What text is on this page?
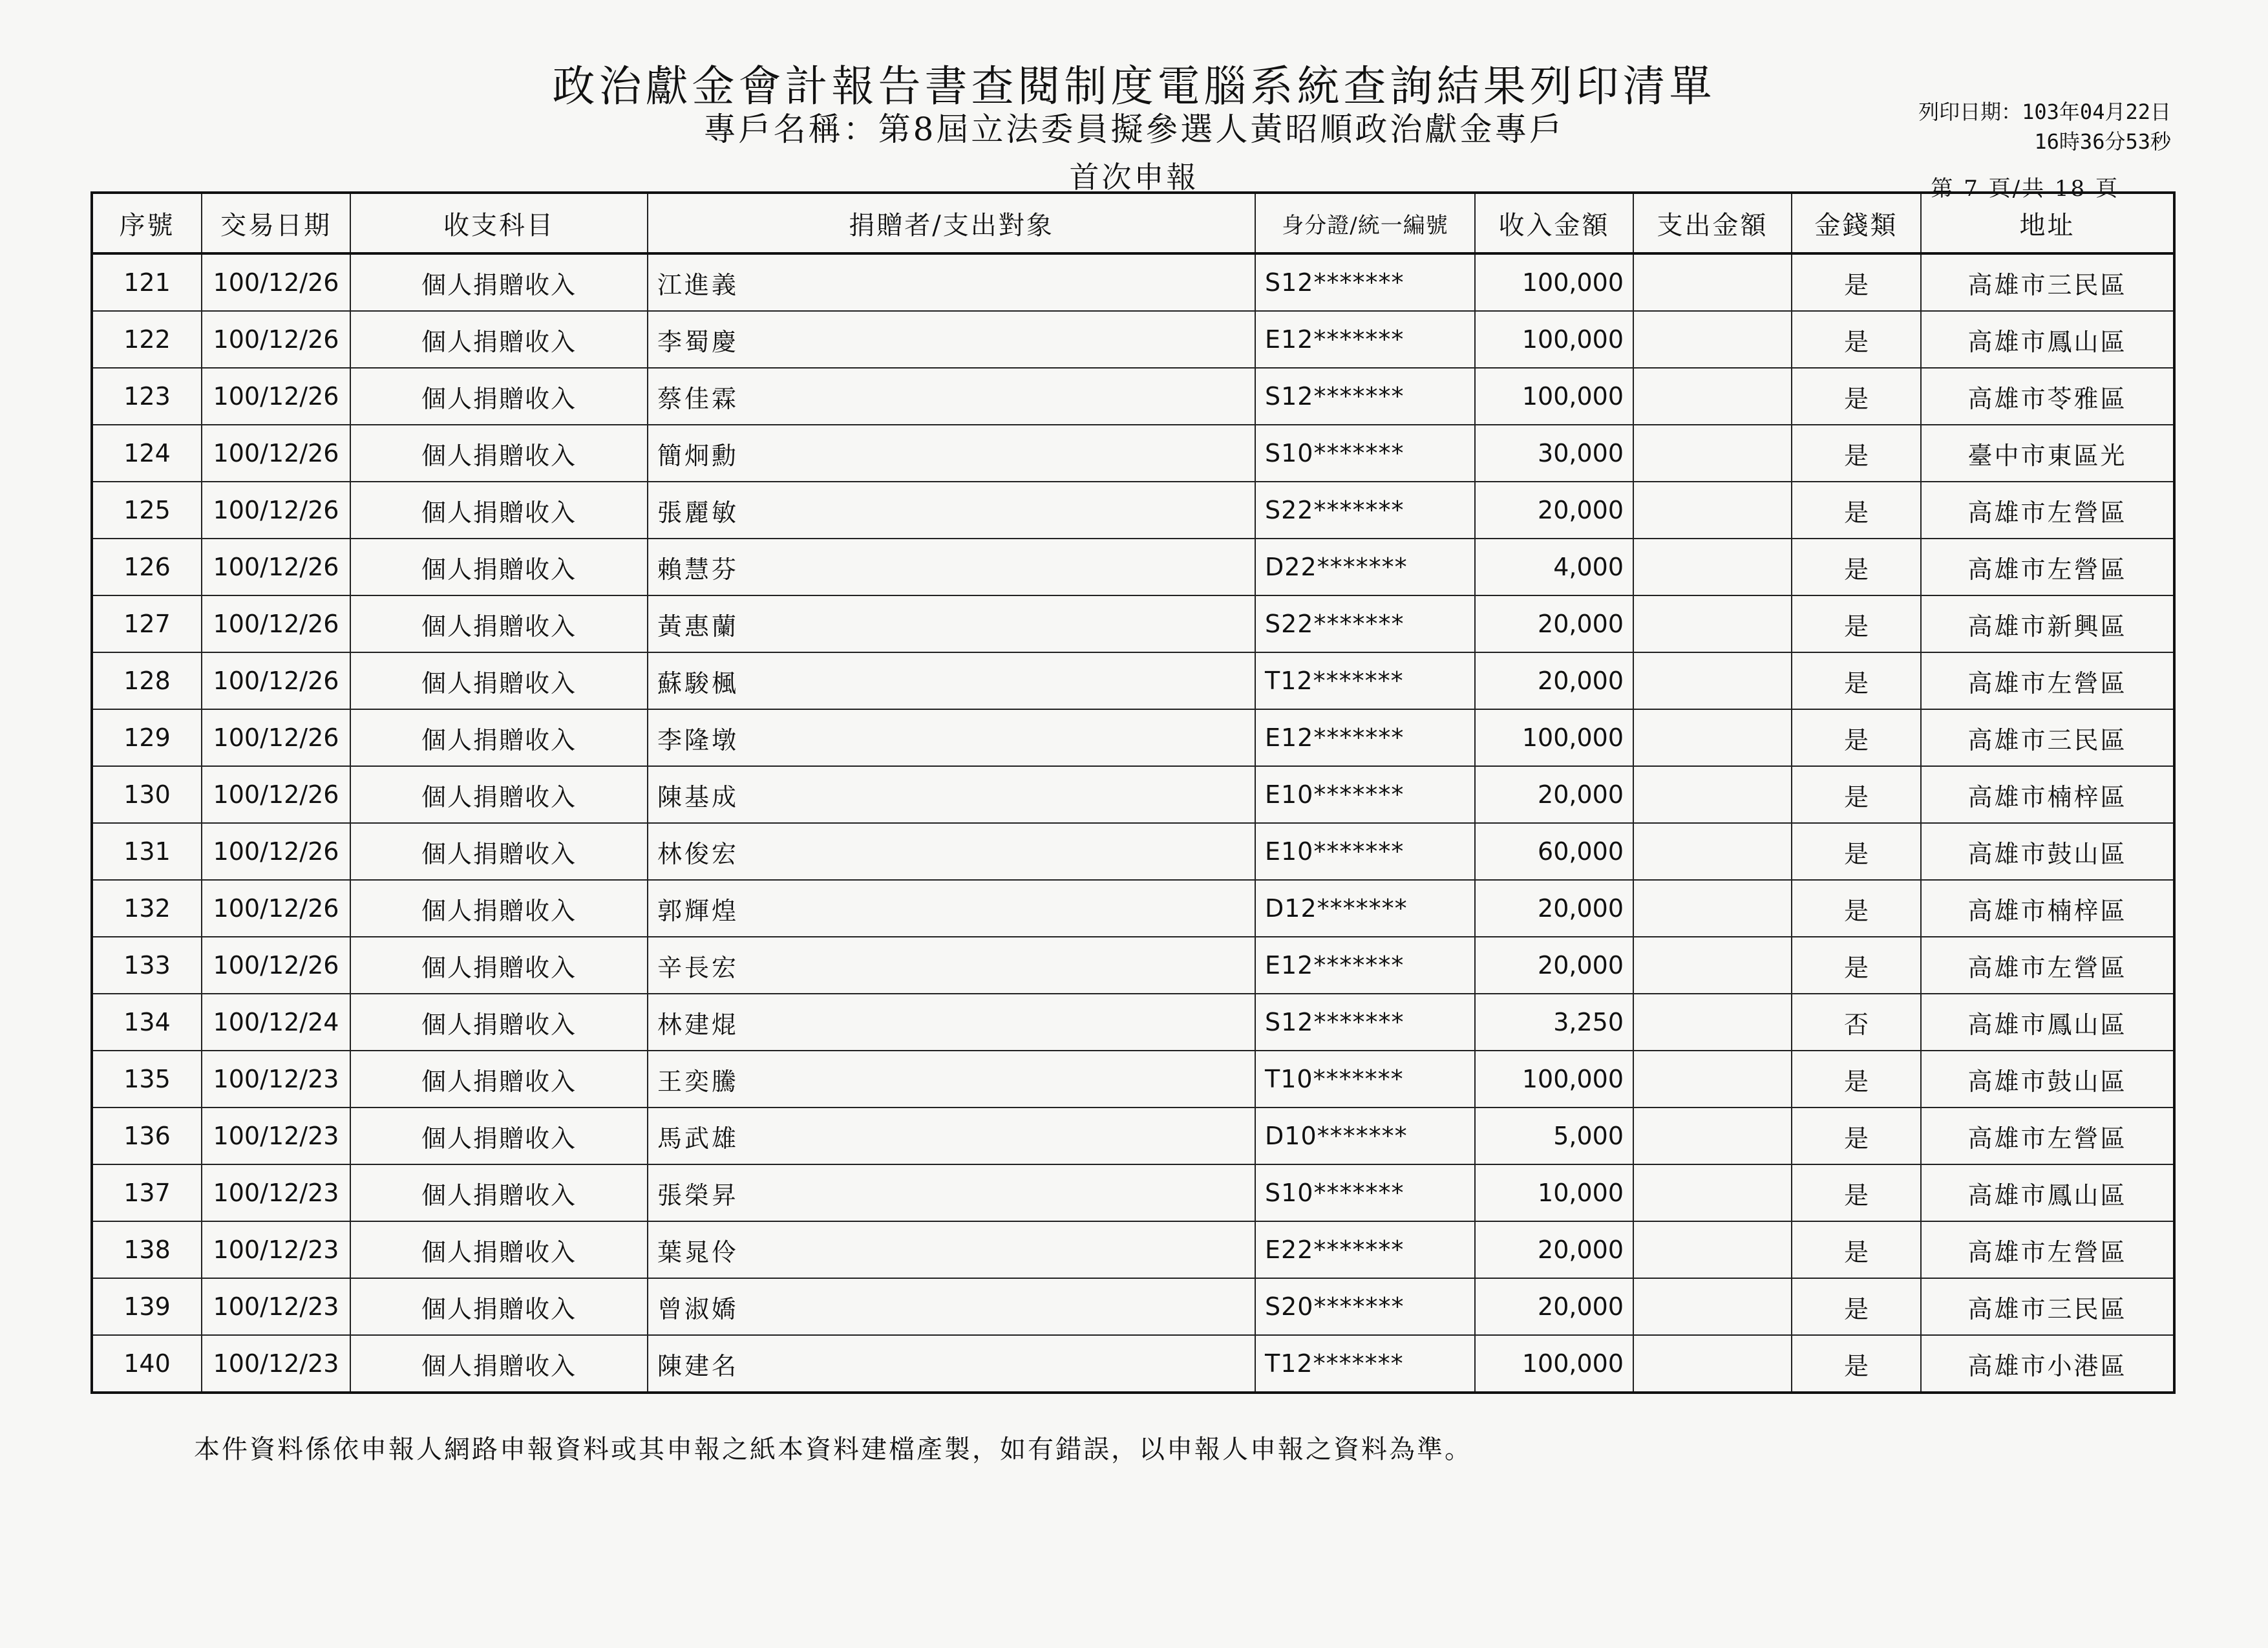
政治獻金會計報告書查閱制度電腦系統查詢結果列印清單
專戶名稱：第8屆立法委員擬參選人黃昭順政治獻金專戶
首次申報
列印日期：103年04月22日
16時36分53秒
第 7 頁/共 18 頁
序號	交易日期	收支科目	捐贈者/支出對象	身分證/統一編號	收入金額	支出金額	金錢類	地址
121	100/12/26	個人捐贈收入	江進義	S12*******	100,000		是	高雄市三民區
122	100/12/26	個人捐贈收入	李蜀慶	E12*******	100,000		是	高雄市鳳山區
123	100/12/26	個人捐贈收入	蔡佳霖	S12*******	100,000		是	高雄市苓雅區
124	100/12/26	個人捐贈收入	簡炯勳	S10*******	30,000		是	臺中市東區光
125	100/12/26	個人捐贈收入	張麗敏	S22*******	20,000		是	高雄市左營區
126	100/12/26	個人捐贈收入	賴慧芬	D22*******	4,000		是	高雄市左營區
127	100/12/26	個人捐贈收入	黃惠蘭	S22*******	20,000		是	高雄市新興區
128	100/12/26	個人捐贈收入	蘇駿楓	T12*******	20,000		是	高雄市左營區
129	100/12/26	個人捐贈收入	李隆墩	E12*******	100,000		是	高雄市三民區
130	100/12/26	個人捐贈收入	陳基成	E10*******	20,000		是	高雄市楠梓區
131	100/12/26	個人捐贈收入	林俊宏	E10*******	60,000		是	高雄市鼓山區
132	100/12/26	個人捐贈收入	郭輝煌	D12*******	20,000		是	高雄市楠梓區
133	100/12/26	個人捐贈收入	辛長宏	E12*******	20,000		是	高雄市左營區
134	100/12/24	個人捐贈收入	林建焜	S12*******	3,250		否	高雄市鳳山區
135	100/12/23	個人捐贈收入	王奕騰	T10*******	100,000		是	高雄市鼓山區
136	100/12/23	個人捐贈收入	馬武雄	D10*******	5,000		是	高雄市左營區
137	100/12/23	個人捐贈收入	張榮昇	S10*******	10,000		是	高雄市鳳山區
138	100/12/23	個人捐贈收入	葉晁伶	E22*******	20,000		是	高雄市左營區
139	100/12/23	個人捐贈收入	曾淑嬌	S20*******	20,000		是	高雄市三民區
140	100/12/23	個人捐贈收入	陳建名	T12*******	100,000		是	高雄市小港區
本件資料係依申報人網路申報資料或其申報之紙本資料建檔產製，如有錯誤，以申報人申報之資料為準。
